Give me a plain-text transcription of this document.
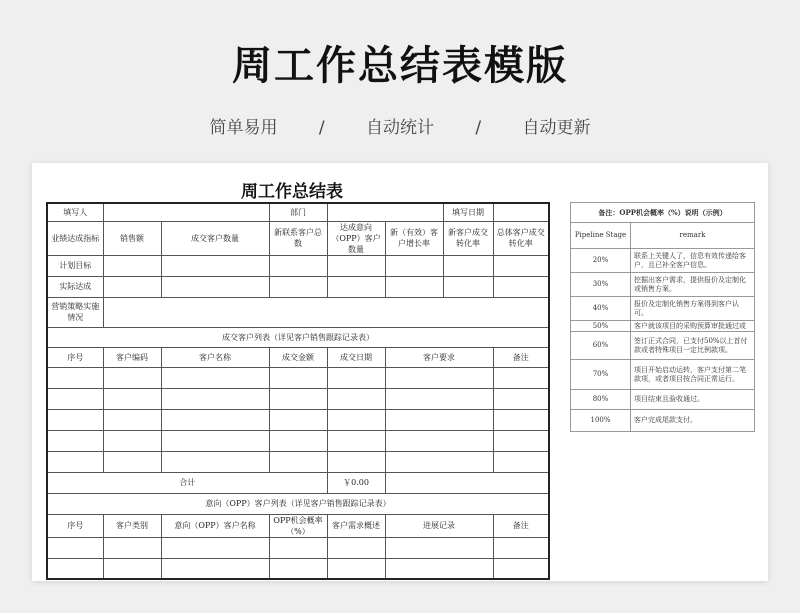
周工作总结表模版
简单易用 / 自动统计 / 自动更新
周工作总结表
填写人			部门			填写日期	
业绩达成指标	销售额	成交客户数量	新联系客户总数	达成意向（OPP）客户数量	新（有效）客户增长率	新客户成交转化率	总体客户成交转化率
计划目标							
实际达成							
营销策略实施情况							
成交客户列表（详见客户销售跟踪记录表）							
序号	客户编码	客户名称	成交金额	成交日期	客户要求		备注

合计				￥0.00			
意向（OPP）客户列表（详见客户销售跟踪记录表）							
序号	客户类别	意向（OPP）客户名称	OPP机会概率（%）	客户需求概述	进展记录		备注

备注：OPP机会概率（%）说明（示例）	
Pipeline Stage	remark
20%	联系上关键人了，信息有效传递给客户，且已补全客户信息。
30%	挖掘出客户需求，提供报价及定制化或销售方案。
40%	报价及定制化销售方案得到客户认可。
50%	客户就该项目的采购预算审批通过或
60%	签订正式合同，已支付50%以上首付款或者特殊项目一定比例款项。
70%	项目开始启动运转，客户支付第二笔款项，或者项目按合同正常运行。
80%	项目结束且验收通过。
100%	客户完成尾款支付。
